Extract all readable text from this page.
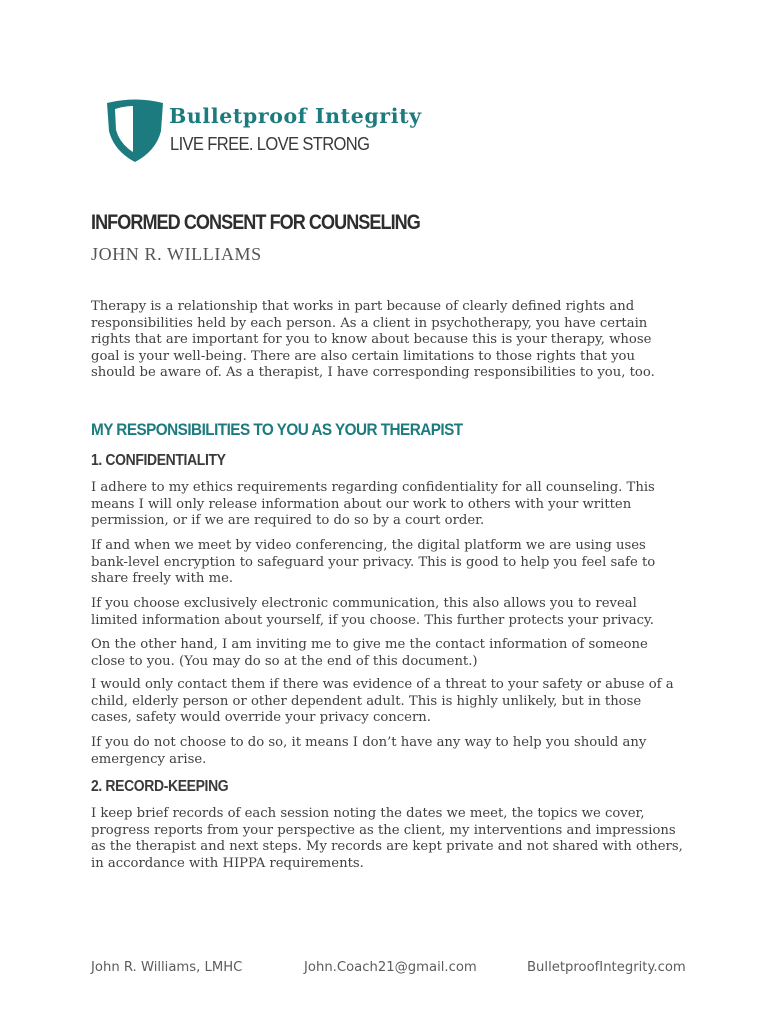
Bulletproof Integrity
LIVE FREE. LOVE STRONG
INFORMED CONSENT FOR COUNSELING
JOHN R. WILLIAMS

Therapy is a relationship that works in part because of clearly defined rights and responsibilities held by each person. As a client in psychotherapy, you have certain rights that are important for you to know about because this is your therapy, whose goal is your well-being. There are also certain limitations to those rights that you should be aware of. As a therapist, I have corresponding responsibilities to you, too.

MY RESPONSIBILITIES TO YOU AS YOUR THERAPIST
1. CONFIDENTIALITY

I adhere to my ethics requirements regarding confidentiality for all counseling. This means I will only release information about our work to others with your written permission, or if we are required to do so by a court order.

If and when we meet by video conferencing, the digital platform we are using uses bank-level encryption to safeguard your privacy. This is good to help you feel safe to share freely with me.

If you choose exclusively electronic communication, this also allows you to reveal limited information about yourself, if you choose. This further protects your privacy.

On the other hand, I am inviting me to give me the contact information of someone close to you. (You may do so at the end of this document.)

I would only contact them if there was evidence of a threat to your safety or abuse of a child, elderly person or other dependent adult. This is highly unlikely, but in those cases, safety would override your privacy concern.

If you do not choose to do so, it means I don’t have any way to help you should any emergency arise.

2. RECORD-KEEPING

I keep brief records of each session noting the dates we meet, the topics we cover, progress reports from your perspective as the client, my interventions and impressions as the therapist and next steps. My records are kept private and not shared with others, in accordance with HIPPA requirements.

John R. Williams, LMHC	John.Coach21@gmail.com	BulletproofIntegrity.com
